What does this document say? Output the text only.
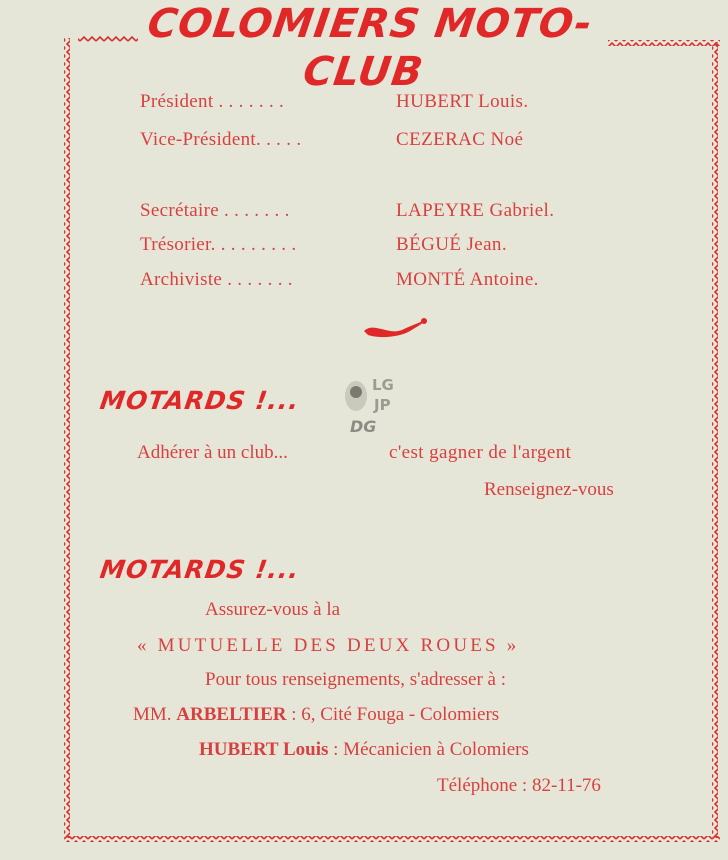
COLOMIERS MOTO-CLUB
Président . . . . . . .	HUBERT Louis.
Vice-Président. . . . .	CEZERAC Noé
Secrétaire . . . . . . .	LAPEYRE Gabriel.
Trésorier. . . . . . . . .	BÉGUÉ Jean.
Archiviste . . . . . . .	MONTÉ Antoine.
LG
JP
DG
MOTARDS !...
Adhérer à un club...	c'est gagner de l'argent
Renseignez-vous
MOTARDS !...
Assurez-vous à la
« MUTUELLE DES DEUX ROUES »
Pour tous renseignements, s'adresser à :
MM. ARBELTIER : 6, Cité Fouga - Colomiers
HUBERT Louis : Mécanicien à Colomiers
Téléphone : 82-11-76
